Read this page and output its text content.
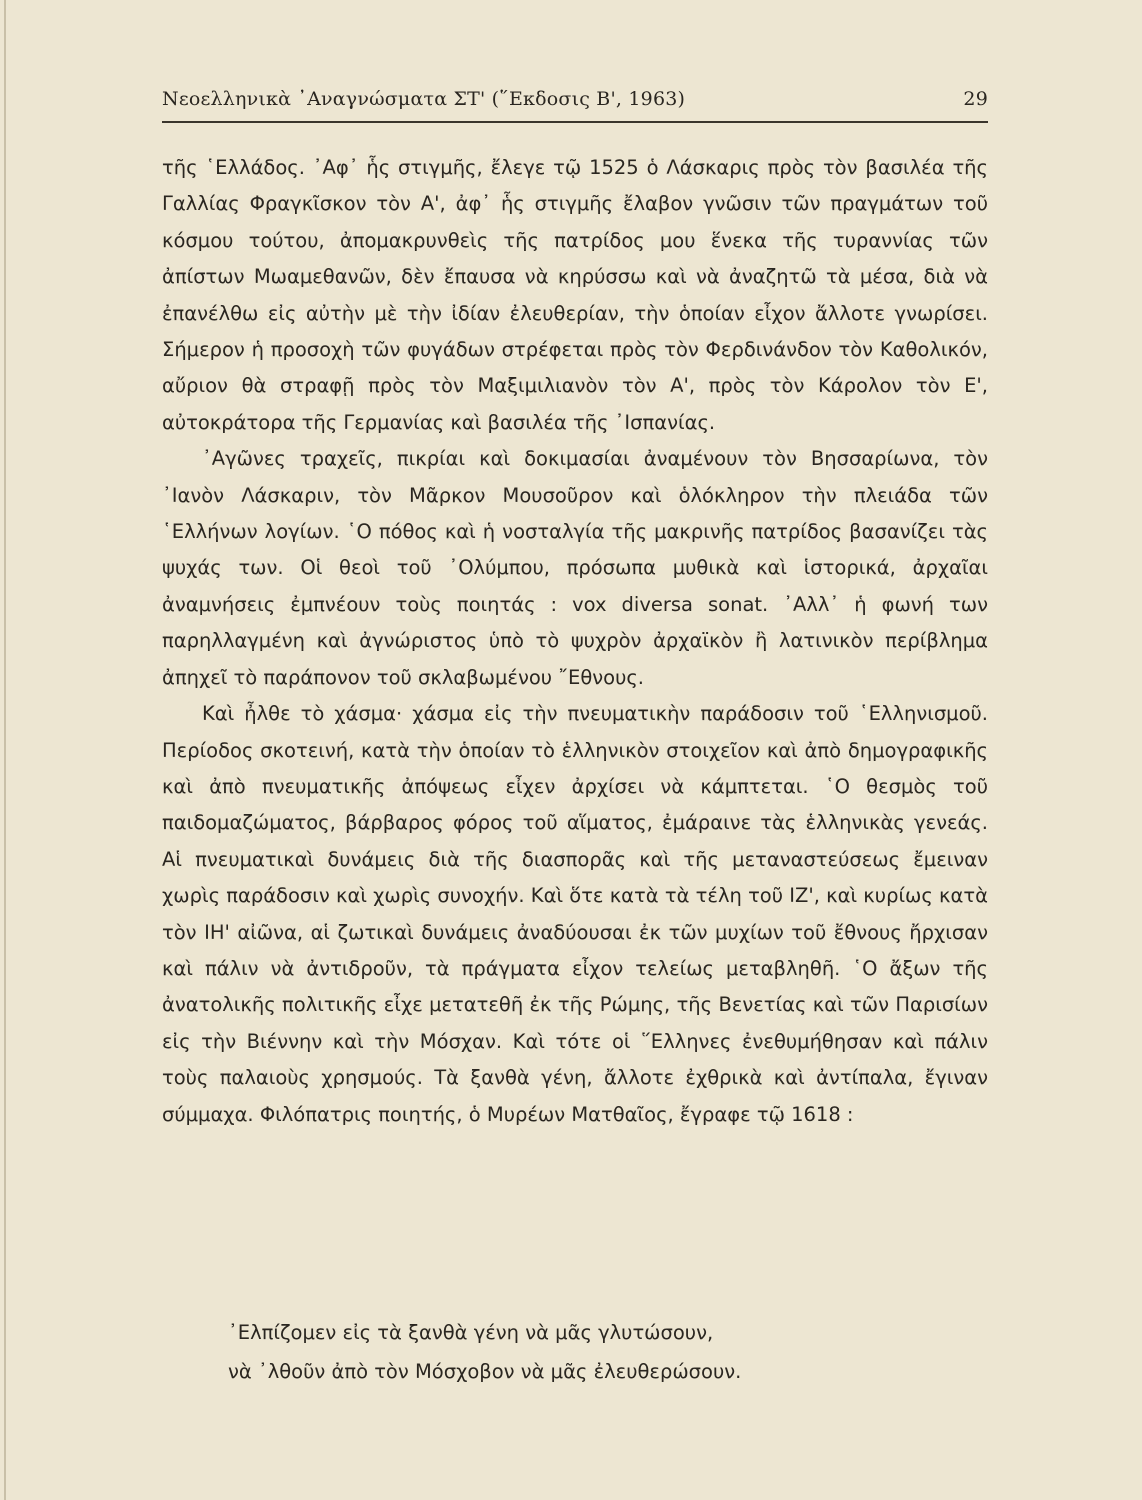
Νεοελληνικὰ ᾿Αναγνώσματα ΣΤ' (῞Εκδοσις Β', 1963)	29

τῆς ῾Ελλάδος. ᾿Αφ᾿ ἧς στιγμῆς, ἔλεγε τῷ 1525 ὁ Λάσκαρις πρὸς τὸν βασιλέα τῆς Γαλλίας Φραγκῖσκον τὸν Α', ἀφ᾿ ἧς στιγμῆς ἔλαβον γνῶσιν τῶν πραγμάτων τοῦ κόσμου τούτου, ἀπομακρυνθεὶς τῆς πατρίδος μου ἕνεκα τῆς τυραννίας τῶν ἀπίστων Μωαμεθανῶν, δὲν ἔπαυσα νὰ κηρύσσω καὶ νὰ ἀναζητῶ τὰ μέσα, διὰ νὰ ἐπανέλθω εἰς αὐτὴν μὲ τὴν ἰδίαν ἐλευθερίαν, τὴν ὁποίαν εἶχον ἄλλοτε γνωρίσει. Σήμερον ἡ προσοχὴ τῶν φυγάδων στρέφεται πρὸς τὸν Φερδινάνδον τὸν Καθολικόν, αὔριον θὰ στραφῇ πρὸς τὸν Μαξιμιλιανὸν τὸν Α', πρὸς τὸν Κάρολον τὸν Ε', αὐτοκράτορα τῆς Γερμανίας καὶ βασιλέα τῆς ᾿Ισπανίας.

᾿Αγῶνες τραχεῖς, πικρίαι καὶ δοκιμασίαι ἀναμένουν τὸν Βησσαρίωνα, τὸν ᾿Ιανὸν Λάσκαριν, τὸν Μᾶρκον Μουσοῦρον καὶ ὁλόκληρον τὴν πλειάδα τῶν ῾Ελλήνων λογίων. ῾Ο πόθος καὶ ἡ νοσταλγία τῆς μακρινῆς πατρίδος βασανίζει τὰς ψυχάς των. Οἱ θεοὶ τοῦ ᾿Ολύμπου, πρόσωπα μυθικὰ καὶ ἱστορικά, ἀρχαῖαι ἀναμνήσεις ἐμπνέουν τοὺς ποιητάς : vox diversa sonat. ᾿Αλλ᾿ ἡ φωνή των παρηλλαγμένη καὶ ἀγνώριστος ὑπὸ τὸ ψυχρὸν ἀρχαϊκὸν ἢ λατινικὸν περίβλημα ἀπηχεῖ τὸ παράπονον τοῦ σκλαβωμένου ῎Εθνους.

Καὶ ἦλθε τὸ χάσμα· χάσμα εἰς τὴν πνευματικὴν παράδοσιν τοῦ ῾Ελληνισμοῦ. Περίοδος σκοτεινή, κατὰ τὴν ὁποίαν τὸ ἑλληνικὸν στοιχεῖον καὶ ἀπὸ δημογραφικῆς καὶ ἀπὸ πνευματικῆς ἀπόψεως εἶχεν ἀρχίσει νὰ κάμπτεται. ῾Ο θεσμὸς τοῦ παιδομαζώματος, βάρβαρος φόρος τοῦ αἵματος, ἐμάραινε τὰς ἑλληνικὰς γενεάς. Αἱ πνευματικαὶ δυνάμεις διὰ τῆς διασπορᾶς καὶ τῆς μεταναστεύσεως ἔμειναν χωρὶς παράδοσιν καὶ χωρὶς συνοχήν. Καὶ ὅτε κατὰ τὰ τέλη τοῦ ΙΖ', καὶ κυρίως κατὰ τὸν ΙΗ' αἰῶνα, αἱ ζωτικαὶ δυνάμεις ἀναδύουσαι ἐκ τῶν μυχίων τοῦ ἔθνους ἤρχισαν καὶ πάλιν νὰ ἀντιδροῦν, τὰ πράγματα εἶχον τελείως μεταβληθῆ. ῾Ο ἄξων τῆς ἀνατολικῆς πολιτικῆς εἶχε μετατεθῆ ἐκ τῆς Ρώμης, τῆς Βενετίας καὶ τῶν Παρισίων εἰς τὴν Βιέννην καὶ τὴν Μόσχαν. Καὶ τότε οἱ ῞Ελληνες ἐνεθυμήθησαν καὶ πάλιν τοὺς παλαιοὺς χρησμούς. Τὰ ξανθὰ γένη, ἄλλοτε ἐχθρικὰ καὶ ἀντίπαλα, ἔγιναν σύμμαχα. Φιλόπατρις ποιητής, ὁ Μυρέων Ματθαῖος, ἔγραφε τῷ 1618 :

᾿Ελπίζομεν εἰς τὰ ξανθὰ γένη νὰ μᾶς γλυτώσουν,
νὰ ᾿λθοῦν ἀπὸ τὸν Μόσχοβον νὰ μᾶς ἐλευθερώσουν.
